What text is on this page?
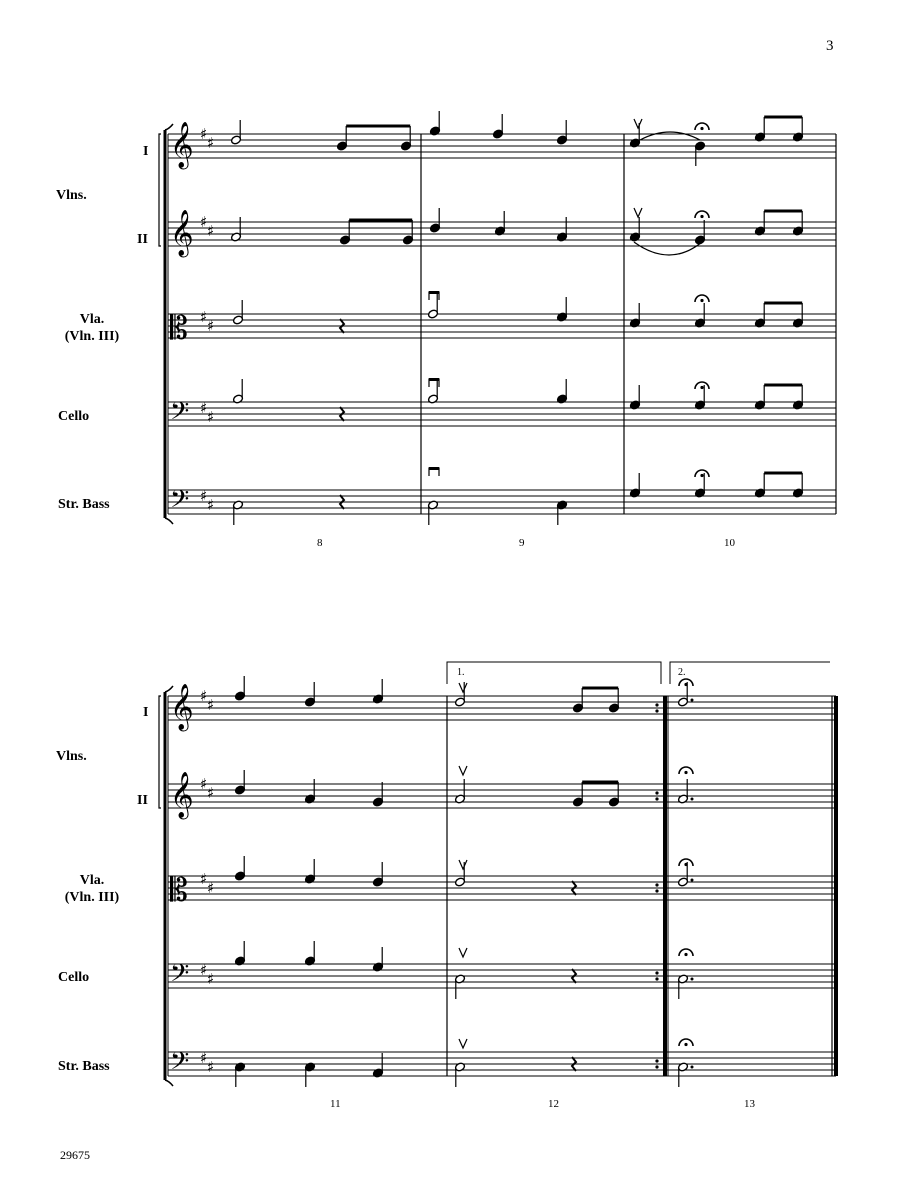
3
29675
Vlns.
I
II
Vla.
(Vln. III)
Cello
Str. Bass
8	9	10
Vlns.
I
II
Vla.
(Vln. III)
Cello
Str. Bass
11	12	13
1.	2.
𝄞 ♯ ♯
𝄞 ♯ ♯
𝄡 ♯ ♯
𝄢 ♯ ♯
𝄢 ♯ ♯
𝄞 ♯ ♯
𝄞 ♯ ♯
𝄡 ♯ ♯
𝄢 ♯ ♯
𝄢 ♯ ♯
